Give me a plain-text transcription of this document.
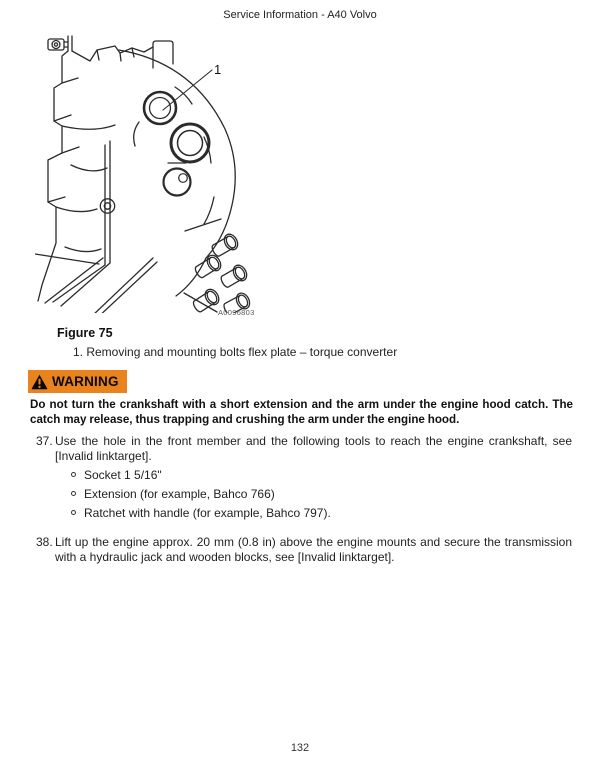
Service Information - A40 Volvo
1
A0096803
Figure 75
1. Removing and mounting bolts flex plate – torque converter
WARNING
Do not turn the crankshaft with a short extension and the arm under the engine hood catch. The catch may release, thus trapping and crushing the arm under the engine hood.
37. Use the hole in the front member and the following tools to reach the engine crankshaft, see [Invalid linktarget].
Socket 1 5/16"
Extension (for example, Bahco 766)
Ratchet with handle (for example, Bahco 797).
38. Lift up the engine approx. 20 mm (0.8 in) above the engine mounts and secure the transmission with a hydraulic jack and wooden blocks, see [Invalid linktarget].
132
